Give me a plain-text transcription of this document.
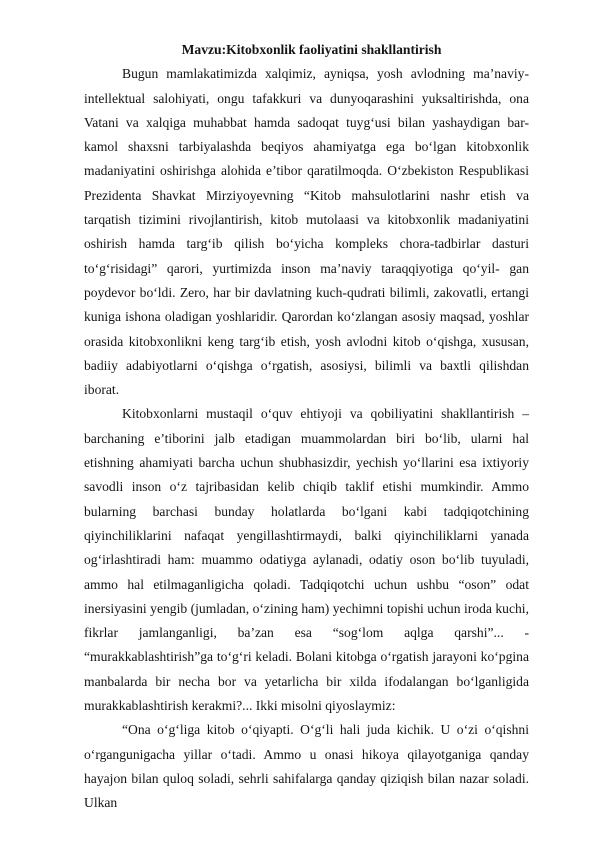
Mavzu:Kitobxonlik faoliyatini shakllantirish

Bugun mamlakatimizda xalqimiz, ayniqsa, yosh avlodning ma’naviy-intellektual salohiyati, ongu tafakkuri va dunyoqarashini yuksaltirishda, ona Vatani va xalqiga muhabbat hamda sadoqat tuyg‘usi bilan yashaydigan bar- kamol shaxsni tarbiyalashda beqiyos ahamiyatga ega bo‘lgan kitobxonlik madaniyatini oshirishga alohida e’tibor qaratilmoqda. O‘zbekiston Respublikasi Prezidenta Shavkat Mirziyoyevning “Kitob mahsulotlarini nashr etish va tarqatish tizimini rivojlantirish, kitob mutolaasi va kitobxonlik madaniyatini oshirish hamda targ‘ib qilish bo‘yicha kompleks chora-tadbirlar dasturi to‘g‘risidagi” qarori, yurtimizda inson ma’naviy taraqqiyotiga qo‘yil- gan poydevor bo‘ldi. Zero, har bir davlatning kuch-qudrati bilimli, zakovatli, ertangi kuniga ishona oladigan yoshlaridir. Qarordan ko‘zlangan asosiy maqsad, yoshlar orasida kitobxonlikni keng targ‘ib etish, yosh avlodni kitob o‘qishga, xususan, badiiy adabiyotlarni o‘qishga o‘rgatish, asosiysi, bilimli va baxtli qilishdan iborat.

Kitobxonlarni mustaqil o‘quv ehtiyoji va qobiliyatini shakllantirish – barchaning e’tiborini jalb etadigan muammolardan biri bo‘lib, ularni hal etishning ahamiyati barcha uchun shubhasizdir, yechish yo‘llarini esa ixtiyoriy savodli inson o‘z tajribasidan kelib chiqib taklif etishi mumkindir. Ammo bularning barchasi bunday holatlarda bo‘lgani kabi tadqiqotchining qiyinchiliklarini nafaqat yengillashtirmaydi, balki qiyinchiliklarni yanada og‘irlashtiradi ham: muammo odatiyga aylanadi, odatiy oson bo‘lib tuyuladi, ammo hal etilmaganligicha qoladi. Tadqiqotchi uchun ushbu “oson” odat inersiyasini yengib (jumladan, o‘zining ham) yechimni topishi uchun iroda kuchi, fikrlar jamlanganligi, ba’zan esa “sog‘lom aqlga qarshi”... - “murakkablashtirish”ga to‘g‘ri keladi. Bolani kitobga o‘rgatish jarayoni ko‘pgina manbalarda bir necha bor va yetarlicha bir xilda ifodalangan bo‘lganligida murakkablashtirish kerakmi?... Ikki misolni qiyoslaymiz:

“Ona o‘g‘liga kitob o‘qiyapti. O‘g‘li hali juda kichik. U o‘zi o‘qishni o‘rgangunigacha yillar o‘tadi. Ammo u onasi hikoya qilayotganiga qanday hayajon bilan quloq soladi, sehrli sahifalarga qanday qiziqish bilan nazar soladi. Ulkan
